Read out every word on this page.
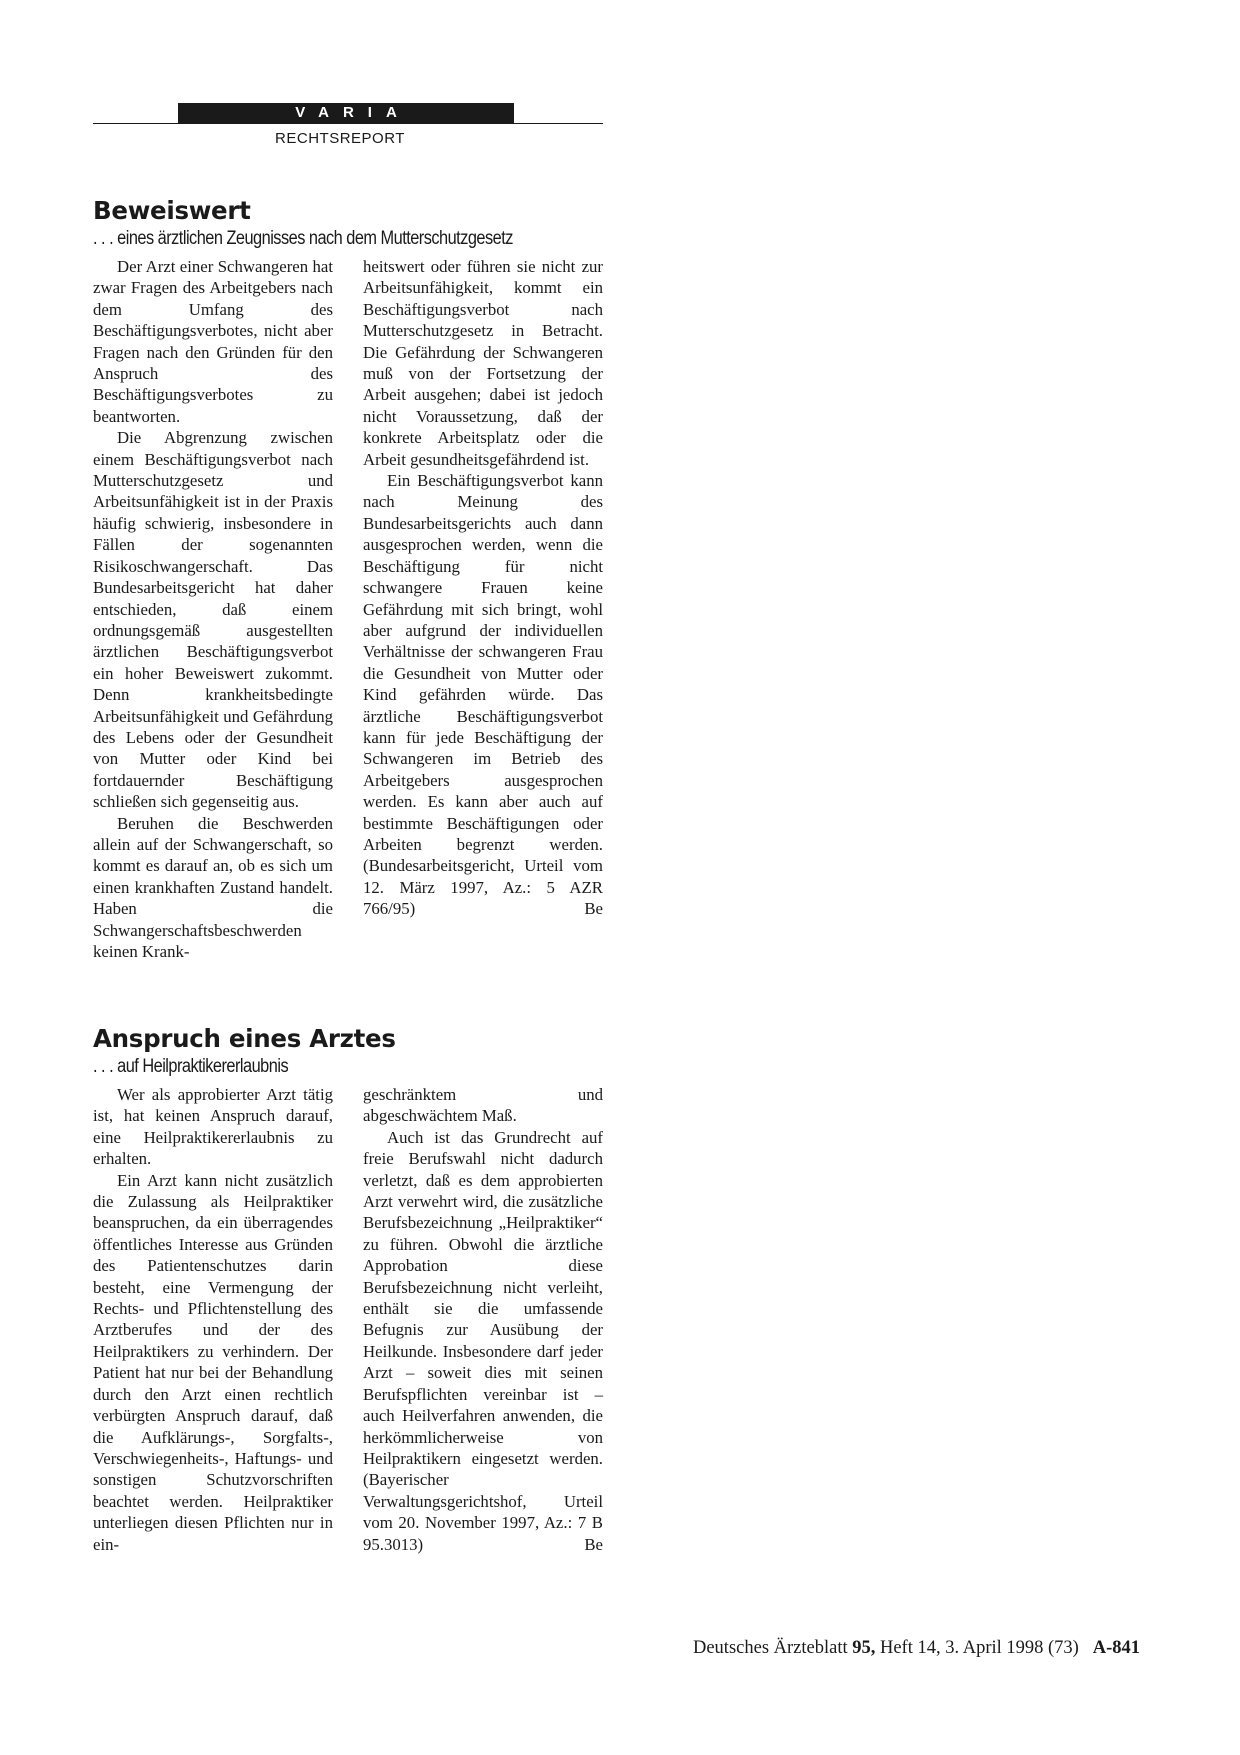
VARIA
RECHTSREPORT
Beweiswert
. . . eines ärztlichen Zeugnisses nach dem Mutterschutzgesetz

Der Arzt einer Schwangeren hat zwar Fragen des Arbeitgebers nach dem Umfang des Beschäftigungsverbotes, nicht aber Fragen nach den Gründen für den Anspruch des Beschäftigungsverbotes zu beantworten.

Die Abgrenzung zwischen einem Beschäftigungsverbot nach Mutterschutzgesetz und Arbeitsunfähigkeit ist in der Praxis häufig schwierig, insbesondere in Fällen der sogenannten Risikoschwangerschaft. Das Bundesarbeitsgericht hat daher entschieden, daß einem ordnungsgemäß ausgestellten ärztlichen Beschäftigungsverbot ein hoher Beweiswert zukommt. Denn krankheitsbedingte Arbeitsunfähigkeit und Gefährdung des Lebens oder der Gesundheit von Mutter oder Kind bei fortdauernder Beschäftigung schließen sich gegenseitig aus.

Beruhen die Beschwerden allein auf der Schwangerschaft, so kommt es darauf an, ob es sich um einen krankhaften Zustand handelt. Haben die Schwangerschaftsbeschwerden keinen Krank-

heitswert oder führen sie nicht zur Arbeitsunfähigkeit, kommt ein Beschäftigungsverbot nach Mutterschutzgesetz in Betracht. Die Gefährdung der Schwangeren muß von der Fortsetzung der Arbeit ausgehen; dabei ist jedoch nicht Voraussetzung, daß der konkrete Arbeitsplatz oder die Arbeit gesundheitsgefährdend ist.

Ein Beschäftigungsverbot kann nach Meinung des Bundesarbeitsgerichts auch dann ausgesprochen werden, wenn die Beschäftigung für nicht schwangere Frauen keine Gefährdung mit sich bringt, wohl aber aufgrund der individuellen Verhältnisse der schwangeren Frau die Gesundheit von Mutter oder Kind gefährden würde. Das ärztliche Beschäftigungsverbot kann für jede Beschäftigung der Schwangeren im Betrieb des Arbeitgebers ausgesprochen werden. Es kann aber auch auf bestimmte Beschäftigungen oder Arbeiten begrenzt werden. (Bundesarbeitsgericht, Urteil vom 12. März 1997, Az.: 5 AZR 766/95)	Be

Anspruch eines Arztes
. . . auf Heilpraktikererlaubnis

Wer als approbierter Arzt tätig ist, hat keinen Anspruch darauf, eine Heilpraktikererlaubnis zu erhalten.

Ein Arzt kann nicht zusätzlich die Zulassung als Heilpraktiker beanspruchen, da ein überragendes öffentliches Interesse aus Gründen des Patientenschutzes darin besteht, eine Vermengung der Rechts- und Pflichtenstellung des Arztberufes und der des Heilpraktikers zu verhindern. Der Patient hat nur bei der Behandlung durch den Arzt einen rechtlich verbürgten Anspruch darauf, daß die Aufklärungs-, Sorgfalts-, Verschwiegenheits-, Haftungs- und sonstigen Schutzvorschriften beachtet werden. Heilpraktiker unterliegen diesen Pflichten nur in ein-

geschränktem und abgeschwächtem Maß.

Auch ist das Grundrecht auf freie Berufswahl nicht dadurch verletzt, daß es dem approbierten Arzt verwehrt wird, die zusätzliche Berufsbezeichnung „Heilpraktiker“ zu führen. Obwohl die ärztliche Approbation diese Berufsbezeichnung nicht verleiht, enthält sie die umfassende Befugnis zur Ausübung der Heilkunde. Insbesondere darf jeder Arzt – soweit dies mit seinen Berufspflichten vereinbar ist – auch Heilverfahren anwenden, die herkömmlicherweise von Heilpraktikern eingesetzt werden. (Bayerischer Verwaltungsgerichtshof, Urteil vom 20. November 1997, Az.: 7 B 95.3013)	Be

Deutsches Ärzteblatt 95, Heft 14, 3. April 1998 (73) A-841
